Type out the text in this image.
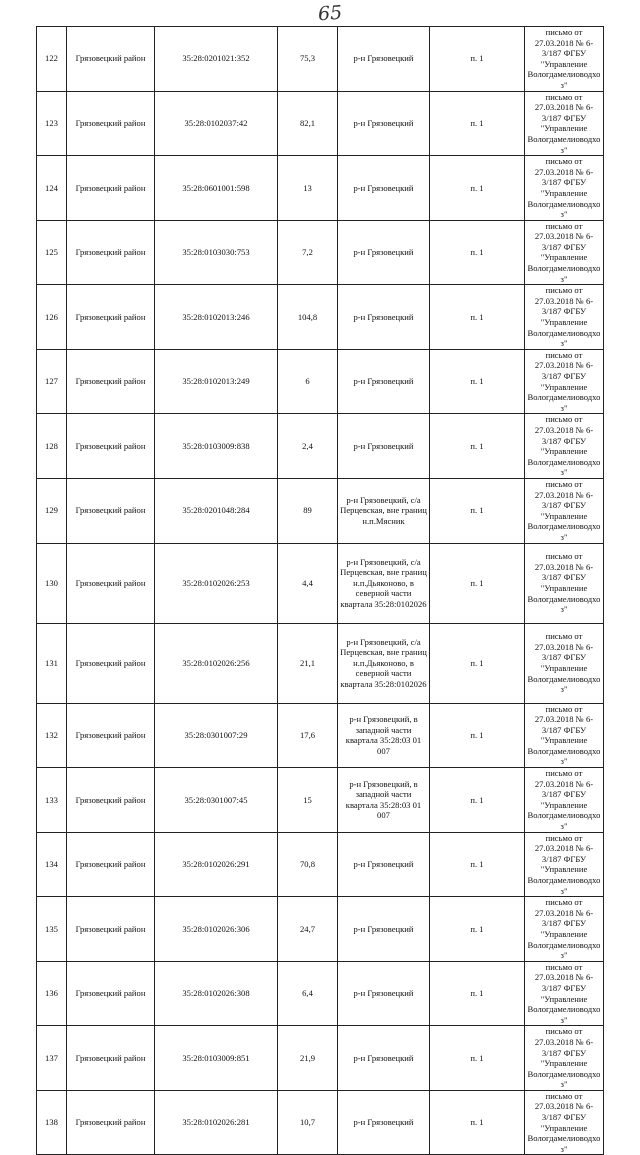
65
122	Грязовецкий район	35:28:0201021:352	75,3	р-н Грязовецкий	п. 1	письмо от 27.03.2018 № 6-3/187 ФГБУ "Управление Вологдамелиоводхоз"
123	Грязовецкий район	35:28:0102037:42	82,1	р-н Грязовецкий	п. 1	письмо от 27.03.2018 № 6-3/187 ФГБУ "Управление Вологдамелиоводхоз"
124	Грязовецкий район	35:28:0601001:598	13	р-н Грязовецкий	п. 1	письмо от 27.03.2018 № 6-3/187 ФГБУ "Управление Вологдамелиоводхоз"
125	Грязовецкий район	35:28:0103030:753	7,2	р-н Грязовецкий	п. 1	письмо от 27.03.2018 № 6-3/187 ФГБУ "Управление Вологдамелиоводхоз"
126	Грязовецкий район	35:28:0102013:246	104,8	р-н Грязовецкий	п. 1	письмо от 27.03.2018 № 6-3/187 ФГБУ "Управление Вологдамелиоводхоз"
127	Грязовецкий район	35:28:0102013:249	6	р-н Грязовецкий	п. 1	письмо от 27.03.2018 № 6-3/187 ФГБУ "Управление Вологдамелиоводхоз"
128	Грязовецкий район	35:28:0103009:838	2,4	р-н Грязовецкий	п. 1	письмо от 27.03.2018 № 6-3/187 ФГБУ "Управление Вологдамелиоводхоз"
129	Грязовецкий район	35:28:0201048:284	89	р-н Грязовецкий, с/а Перцевская, вне границ н.п.Мясник	п. 1	письмо от 27.03.2018 № 6-3/187 ФГБУ "Управление Вологдамелиоводхоз"
130	Грязовецкий район	35:28:0102026:253	4,4	р-н Грязовецкий, с/а Перцевская, вне границ н.п.Дьяконово, в северной части квартала 35:28:0102026	п. 1	письмо от 27.03.2018 № 6-3/187 ФГБУ "Управление Вологдамелиоводхоз"
131	Грязовецкий район	35:28:0102026:256	21,1	р-н Грязовецкий, с/а Перцевская, вне границ н.п.Дьяконово, в северной части квартала 35:28:0102026	п. 1	письмо от 27.03.2018 № 6-3/187 ФГБУ "Управление Вологдамелиоводхоз"
132	Грязовецкий район	35:28:0301007:29	17,6	р-н Грязовецкий, в западной части квартала 35:28:03 01 007	п. 1	письмо от 27.03.2018 № 6-3/187 ФГБУ "Управление Вологдамелиоводхоз"
133	Грязовецкий район	35:28:0301007:45	15	р-н Грязовецкий, в западной части квартала 35:28:03 01 007	п. 1	письмо от 27.03.2018 № 6-3/187 ФГБУ "Управление Вологдамелиоводхоз"
134	Грязовецкий район	35:28:0102026:291	70,8	р-н Грязовецкий	п. 1	письмо от 27.03.2018 № 6-3/187 ФГБУ "Управление Вологдамелиоводхоз"
135	Грязовецкий район	35:28:0102026:306	24,7	р-н Грязовецкий	п. 1	письмо от 27.03.2018 № 6-3/187 ФГБУ "Управление Вологдамелиоводхоз"
136	Грязовецкий район	35:28:0102026:308	6,4	р-н Грязовецкий	п. 1	письмо от 27.03.2018 № 6-3/187 ФГБУ "Управление Вологдамелиоводхоз"
137	Грязовецкий район	35:28:0103009:851	21,9	р-н Грязовецкий	п. 1	письмо от 27.03.2018 № 6-3/187 ФГБУ "Управление Вологдамелиоводхоз"
138	Грязовецкий район	35:28:0102026:281	10,7	р-н Грязовецкий	п. 1	письмо от 27.03.2018 № 6-3/187 ФГБУ "Управление Вологдамелиоводхоз"
